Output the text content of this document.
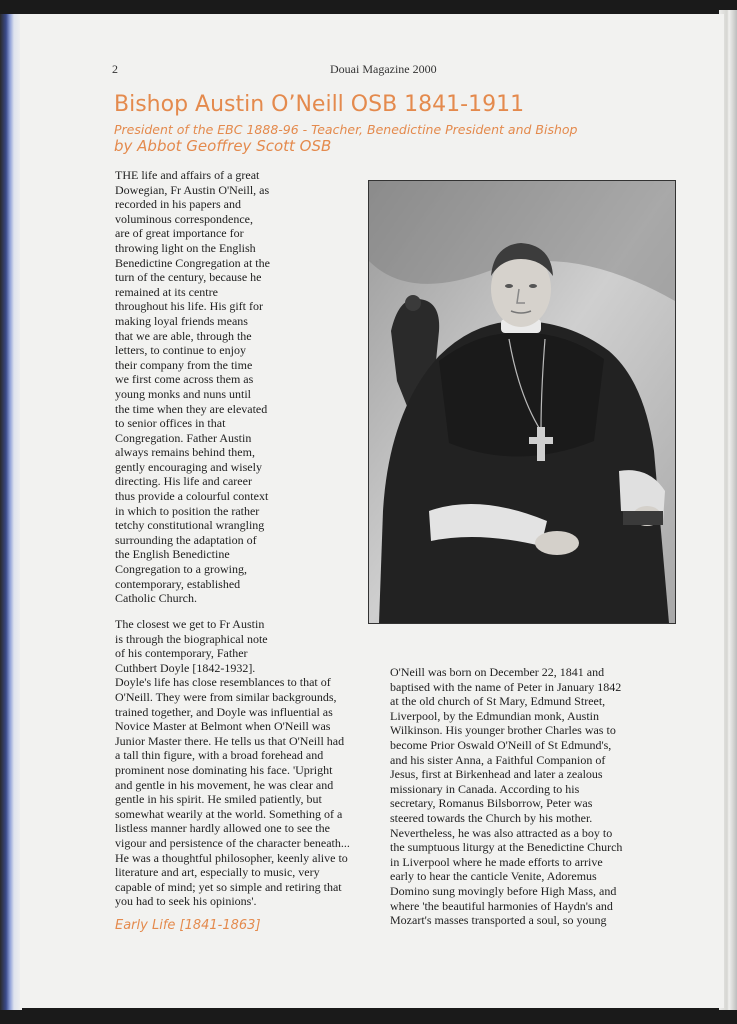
2	Douai Magazine 2000
Bishop Austin O’Neill OSB 1841-1911
President of the EBC 1888-96 - Teacher, Benedictine President and Bishop
by Abbot Geoffrey Scott OSB
THE life and affairs of a great
Dowegian, Fr Austin O'Neill, as
recorded in his papers and
voluminous correspondence,
are of great importance for
throwing light on the English
Benedictine Congregation at the
turn of the century, because he
remained at its centre
throughout his life. His gift for
making loyal friends means
that we are able, through the
letters, to continue to enjoy
their company from the time
we first come across them as
young monks and nuns until
the time when they are elevated
to senior offices in that
Congregation. Father Austin
always remains behind them,
gently encouraging and wisely
directing. His life and career
thus provide a colourful context
in which to position the rather
tetchy constitutional wrangling
surrounding the adaptation of
the English Benedictine
Congregation to a growing,
contemporary, established
Catholic Church.
The closest we get to Fr Austin
is through the biographical note
of his contemporary, Father
Cuthbert Doyle [1842-1932].
Doyle's life has close resemblances to that of
O'Neill. They were from similar backgrounds,
trained together, and Doyle was influential as
Novice Master at Belmont when O'Neill was
Junior Master there. He tells us that O'Neill had
a tall thin figure, with a broad forehead and
prominent nose dominating his face. 'Upright
and gentle in his movement, he was clear and
gentle in his spirit. He smiled patiently, but
somewhat wearily at the world. Something of a
listless manner hardly allowed one to see the
vigour and persistence of the character beneath...
He was a thoughtful philosopher, keenly alive to
literature and art, especially to music, very
capable of mind; yet so simple and retiring that
you had to seek his opinions'.
Early Life [1841-1863]
O'Neill was born on December 22, 1841 and
baptised with the name of Peter in January 1842
at the old church of St Mary, Edmund Street,
Liverpool, by the Edmundian monk, Austin
Wilkinson. His younger brother Charles was to
become Prior Oswald O'Neill of St Edmund's,
and his sister Anna, a Faithful Companion of
Jesus, first at Birkenhead and later a zealous
missionary in Canada. According to his
secretary, Romanus Bilsborrow, Peter was
steered towards the Church by his mother.
Nevertheless, he was also attracted as a boy to
the sumptuous liturgy at the Benedictine Church
in Liverpool where he made efforts to arrive
early to hear the canticle Venite, Adoremus
Domino sung movingly before High Mass, and
where 'the beautiful harmonies of Haydn's and
Mozart's masses transported a soul, so young
